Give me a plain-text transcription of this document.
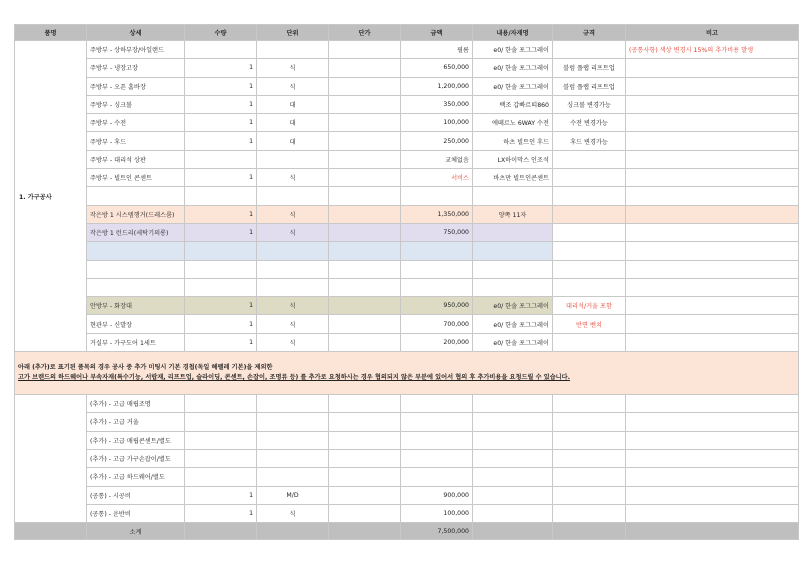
품명	상세	수량	단위	단가	금액	내용/자재명	규격	비고
1. 가구공사	주방부 - 상하부장/아일랜드				필름	e0/ 한솔 포그그레이		(공통사항) 색상 변경시 15%의 추가비용 발생
	주방부 - 냉장고장	1	식		650,000	e0/ 한솔 포그그레이	블럼 플랩 리프트업	
	주방부 - 오픈 홈바장	1	식		1,200,000	e0/ 한솔 포그그레이	블럼 플랩 리프트업	
	주방부 - 싱크볼	1	대		350,000	백조 갑빠르띠860	싱크볼 변경가능	
	주방부 - 수전	1	대		100,000	에떼르노 6WAY 수전	수전 변경가능	
	주방부 - 후드	1	대		250,000	하츠 빌트인 후드	후드 변경가능	
	주방부 - 대리석 상판				교체없음	LX하이막스 인조석		
	주방부 - 빌트인 콘센트	1	식		서비스	바츠만 빌트인콘센트		

	작은방 1 시스템행거(드레스룸)	1	식		1,350,000	양쪽 11자		
	작은방 1 런드리(세탁기의롱)	1	식		750,000			

	안방부 - 화장대	1	식		950,000	e0/ 한솔 포그그레이	대리석/거울 포함	
	현관부 - 신발장	1	식		700,000	e0/ 한솔 포그그레이	반면 벤치	
	거실부 - 가구도어 1세트	1	식		200,000	e0/ 한솔 포그그레이		

아래 (추가)로 표기된 품목의 경우 공사 중 추가 미팅시 기본 경첩(독일 헤펠레 기본)을 제외한
고가 브랜드의 하드웨어나 부속자재(특수기능, 서랍재, 리프트업, 슬라이딩, 콘센트, 손잡이, 조명류 등) 를 추가로 요청하시는 경우 협의되지 않은 부분에 있어서 협의 후 추가비용을 요청드릴 수 있습니다.								

	(추가) - 고급 매립조명							
	(추가) - 고급 거울							
	(추가) - 고급 매립콘센트/별도							
	(추가) - 고급 가구손잡이/별도							
	(추가) - 고급 하드웨어/별도							
	(공통) - 시공비	1	M/D		900,000			
	(공통) - 운반비	1	식		100,000			
	소계				7,500,000			
